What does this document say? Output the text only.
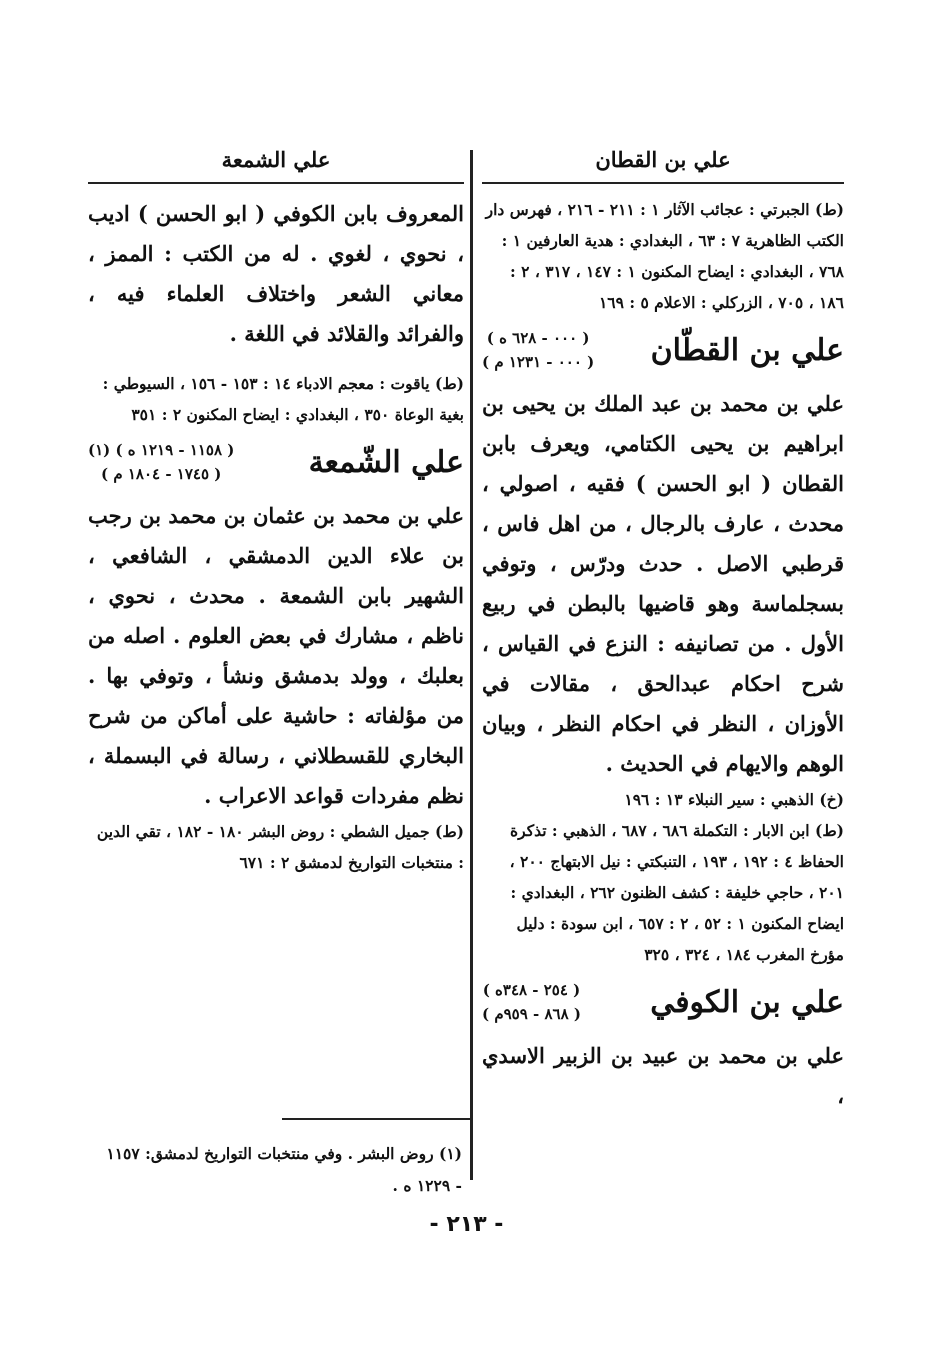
علي بن القطان

(ط) الجبرتي : عجائب الآثار ١ : ٢١١ - ٢١٦ ، فهرس دار الكتب الظاهرية ٧ : ٦٣ ، البغدادي : هدية العارفين ١ : ٧٦٨ ، البغدادي : ايضاح المكنون ١ : ١٤٧ ، ٣١٧ ، ٢ : ١٨٦ ، ٧٠٥ ، الزركلي : الاعلام ٥ : ١٦٩

علي بن القطّان
( ٠٠٠ - ٦٢٨ ه )
( ٠٠٠ - ١٢٣١ م )

علي بن محمد بن عبد الملك بن يحيى بن ابراهيم بن يحيى الكتامي، ويعرف بابن القطان ( ابو الحسن ) فقيه ، اصولي ، محدث ، عارف بالرجال ، من اهل فاس ، قرطبي الاصل . حدث ودرّس ، وتوفي بسجلماسة وهو قاضيها بالبطن في ربيع الأول . من تصانيفه : النزع في القياس ، شرح احكام عبدالحق ، مقالات في الأوزان ، النظر في احكام النظر ، وبيان الوهم والايهام في الحديث .

(خ) الذهبي : سير النبلاء ١٣ : ١٩٦

(ط) ابن الابار : التكملة ٦٨٦ ، ٦٨٧ ، الذهبي : تذكرة الحفاظ ٤ : ١٩٢ ، ١٩٣ ، التنبكتي : نيل الابتهاج ٢٠٠ ، ٢٠١ ، حاجي خليفة : كشف الظنون ٢٦٢ ، البغدادي : ايضاح المكنون ١ : ٥٢ ، ٢ : ٦٥٧ ، ابن سودة : دليل مؤرخ المغرب ١٨٤ ، ٣٢٤ ، ٣٢٥

علي بن الكوفي
( ٢٥٤ - ٣٤٨ه )
( ٨٦٨ - ٩٥٩م )

علي بن محمد بن عبيد بن الزبير الاسدي ،

علي الشمعة

المعروف بابن الكوفي ( ابو الحسن ) اديب ، نحوي ، لغوي . له من الكتب : الممز ، معاني الشعر واختلاف العلماء فيه ، والفرائد والقلائد في اللغة .

(ط) ياقوت : معجم الادباء ١٤ : ١٥٣ - ١٥٦ ، السيوطي : بغية الوعاة ٣٥٠ ، البغدادي : ايضاح المكنون ٢ : ٣٥١

علي الشّمعة
( ١١٥٨ - ١٢١٩ ه ) (١)
( ١٧٤٥ - ١٨٠٤ م )

علي بن محمد بن عثمان بن محمد بن رجب بن علاء الدين الدمشقي ، الشافعي ، الشهير بابن الشمعة . محدث ، نحوي ، ناظم ، مشارك في بعض العلوم . اصله من بعلبك ، وولد بدمشق ونشأ ، وتوفي بها . من مؤلفاته : حاشية على أماكن من شرح البخاري للقسطلاني ، رسالة في البسملة ، نظم مفردات قواعد الاعراب .

(ط) جميل الشطي : روض البشر ١٨٠ - ١٨٢ ، تقي الدين : منتخبات التواريخ لدمشق ٢ : ٦٧١

(١) روض البشر . وفي منتخبات التواريخ لدمشق: ١١٥٧ - ١٢٢٩ ه .
- ٢١٣ -
